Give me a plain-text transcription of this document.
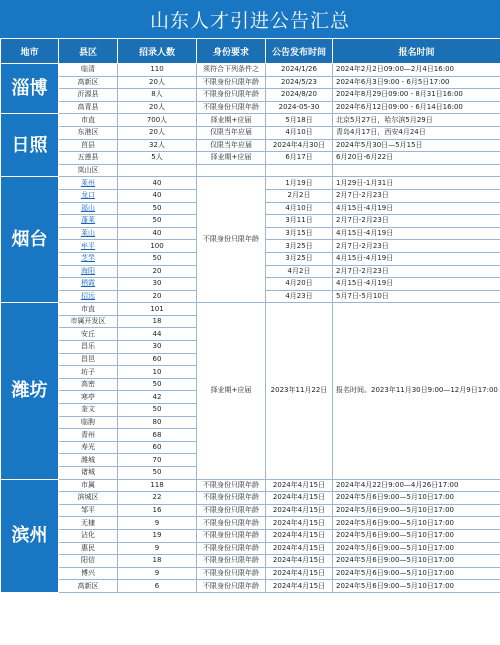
山东人才引进公告汇总
地市	县区	招录人数	身份要求	公告发布时间	报名时间
淄博	临清	110	须符合下列条件之	2024/1/26	2024年2月2日09:00—2月4日16:00
	高新区	20人	不限身份只限年龄	2024/5/23	2024年6月3日9:00 - 6月5日17:00
	沂源县	8人	不限身份只限年龄	2024/8/20	2024年8月29日09:00 - 8月31日16:00
	高青县	20人	不限身份只限年龄	2024-05-30	2024年6月12日09:00 - 6月14日16:00
日照	市直	700人	择业期+应届	5月18日	北京5月27日，哈尔滨5月29日
	东港区	20人	仅限当年应届	4月10日	青岛4月17日，西安4月24日
	莒县	32人	仅限当年应届	2024年4月30日	2024年5月30日—5月15日
	五莲县	5人	择业期+应届	6月17日	6月20日-6月22日
	岚山区				
烟台	莱州	40	不限身份只限年龄	1月19日	1月29日-1月31日
	龙口	40		2月2日	2月7日-2月23日
	福山	50		4月10日	4月15日-4月19日
	蓬莱	50		3月11日	2月7日-2月23日
	莱山	40		3月15日	4月15日-4月19日
	牟平	100		3月25日	2月7日-2月23日
	芝罘	50		3月25日	4月15日-4月19日
	海阳	20		4月2日	2月7日-2月23日
	栖霞	30		4月20日	4月15日-4月19日
	招远	20		4月23日	5月7日-5月10日
潍坊	市直	101	择业期+应届	2023年11月22日	报名时间。2023年11月30日9:00—12月9日17:00
	市属开发区	18			
	安丘	44			
	昌乐	30			
	昌邑	60			
	坊子	10			
	高密	50			
	寒亭	42			
	奎文	50			
	临朐	80			
	青州	68			
	寿光	60			
	潍城	70			
	诸城	50			
滨州	市属	118	不限身份只限年龄	2024年4月15日	2024年4月22日9:00—4月26日17:00
	滨城区	22	不限身份只限年龄	2024年4月15日	2024年5月6日9:00—5月10日17:00
	邹平	16	不限身份只限年龄	2024年4月15日	2024年5月6日9:00—5月10日17:00
	无棣	9	不限身份只限年龄	2024年4月15日	2024年5月6日9:00—5月10日17:00
	沾化	19	不限身份只限年龄	2024年4月15日	2024年5月6日9:00—5月10日17:00
	惠民	9	不限身份只限年龄	2024年4月15日	2024年5月6日9:00—5月10日17:00
	阳信	18	不限身份只限年龄	2024年4月15日	2024年5月6日9:00—5月10日17:00
	博兴	9	不限身份只限年龄	2024年4月15日	2024年5月6日9:00—5月10日17:00
	高新区	6	不限身份只限年龄	2024年4月15日	2024年5月6日9:00—5月10日17:00
